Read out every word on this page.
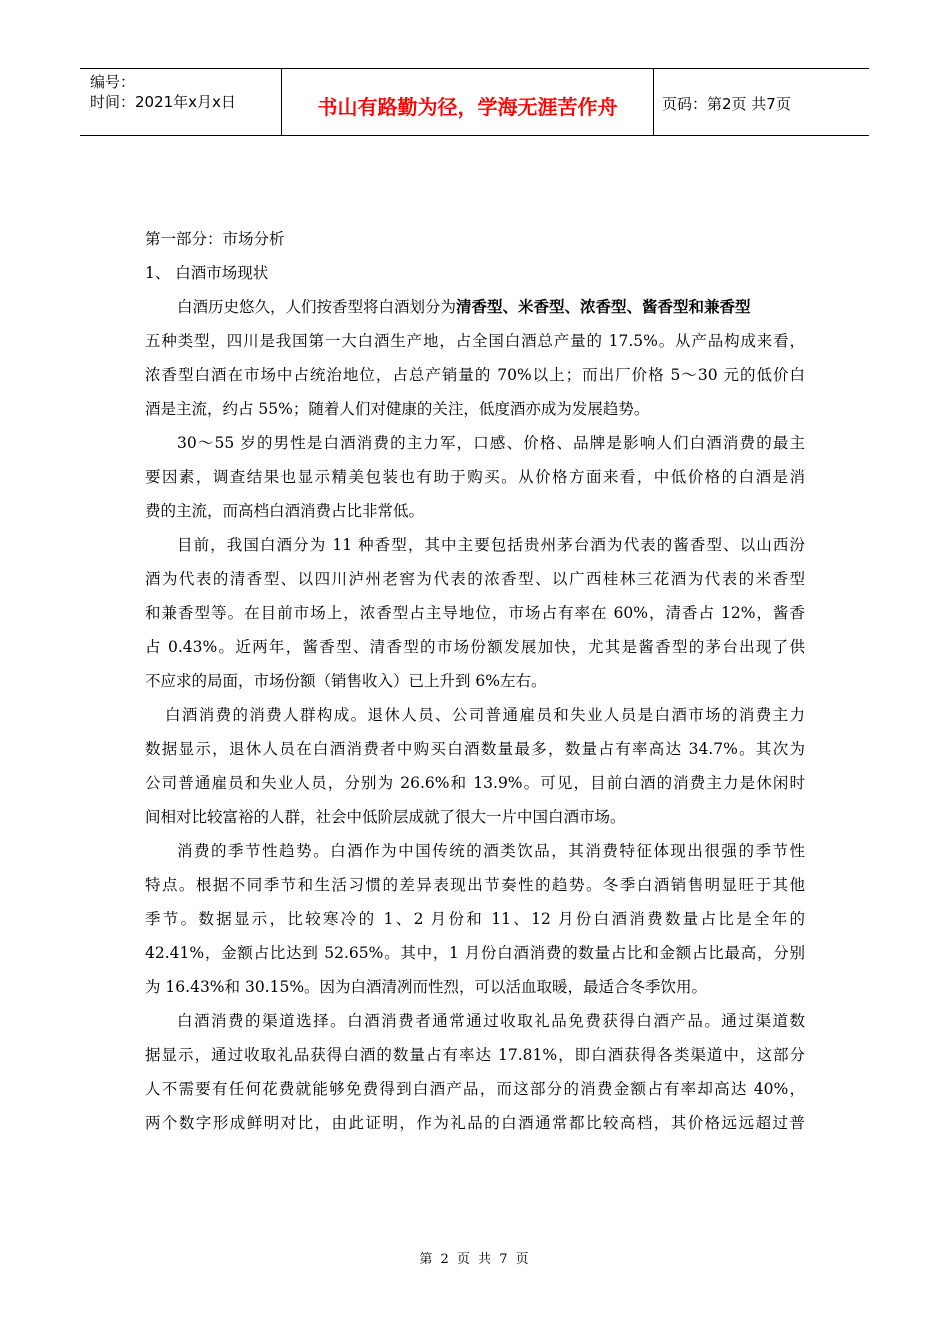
编号：
时间：2021年x月x日	书山有路勤为径，学海无涯苦作舟	页码：第2页 共7页
第一部分：市场分析
1、 白酒市场现状
白酒历史悠久，人们按香型将白酒划分为清香型、米香型、浓香型、酱香型和兼香型
五种类型，四川是我国第一大白酒生产地，占全国白酒总产量的 17.5%。从产品构成来看，
浓香型白酒在市场中占统治地位，占总产销量的 70%以上；而出厂价格 5～30 元的低价白
酒是主流，约占 55%；随着人们对健康的关注，低度酒亦成为发展趋势。
30～55 岁的男性是白酒消费的主力军，口感、价格、品牌是影响人们白酒消费的最主
要因素，调查结果也显示精美包装也有助于购买。从价格方面来看，中低价格的白酒是消
费的主流，而高档白酒消费占比非常低。
目前，我国白酒分为 11 种香型，其中主要包括贵州茅台酒为代表的酱香型、以山西汾
酒为代表的清香型、以四川泸州老窖为代表的浓香型、以广西桂林三花酒为代表的米香型
和兼香型等。在目前市场上，浓香型占主导地位，市场占有率在 60%，清香占 12%，酱香
占 0.43%。近两年，酱香型、清香型的市场份额发展加快，尤其是酱香型的茅台出现了供
不应求的局面，市场份额（销售收入）已上升到 6%左右。
白酒消费的消费人群构成。退休人员、公司普通雇员和失业人员是白酒市场的消费主力
数据显示，退休人员在白酒消费者中购买白酒数量最多，数量占有率高达 34.7%。其次为
公司普通雇员和失业人员，分别为 26.6%和 13.9%。可见，目前白酒的消费主力是休闲时
间相对比较富裕的人群，社会中低阶层成就了很大一片中国白酒市场。
消费的季节性趋势。白酒作为中国传统的酒类饮品，其消费特征体现出很强的季节性
特点。根据不同季节和生活习惯的差异表现出节奏性的趋势。冬季白酒销售明显旺于其他
季节。数据显示，比较寒冷的 1、2 月份和 11、12 月份白酒消费数量占比是全年的
42.41%，金额占比达到 52.65%。其中，1 月份白酒消费的数量占比和金额占比最高，分别
为 16.43%和 30.15%。因为白酒清冽而性烈，可以活血取暖，最适合冬季饮用。
白酒消费的渠道选择。白酒消费者通常通过收取礼品免费获得白酒产品。通过渠道数
据显示，通过收取礼品获得白酒的数量占有率达 17.81%，即白酒获得各类渠道中，这部分
人不需要有任何花费就能够免费得到白酒产品，而这部分的消费金额占有率却高达 40%，
两个数字形成鲜明对比，由此证明，作为礼品的白酒通常都比较高档，其价格远远超过普
第 2 页 共 7 页
